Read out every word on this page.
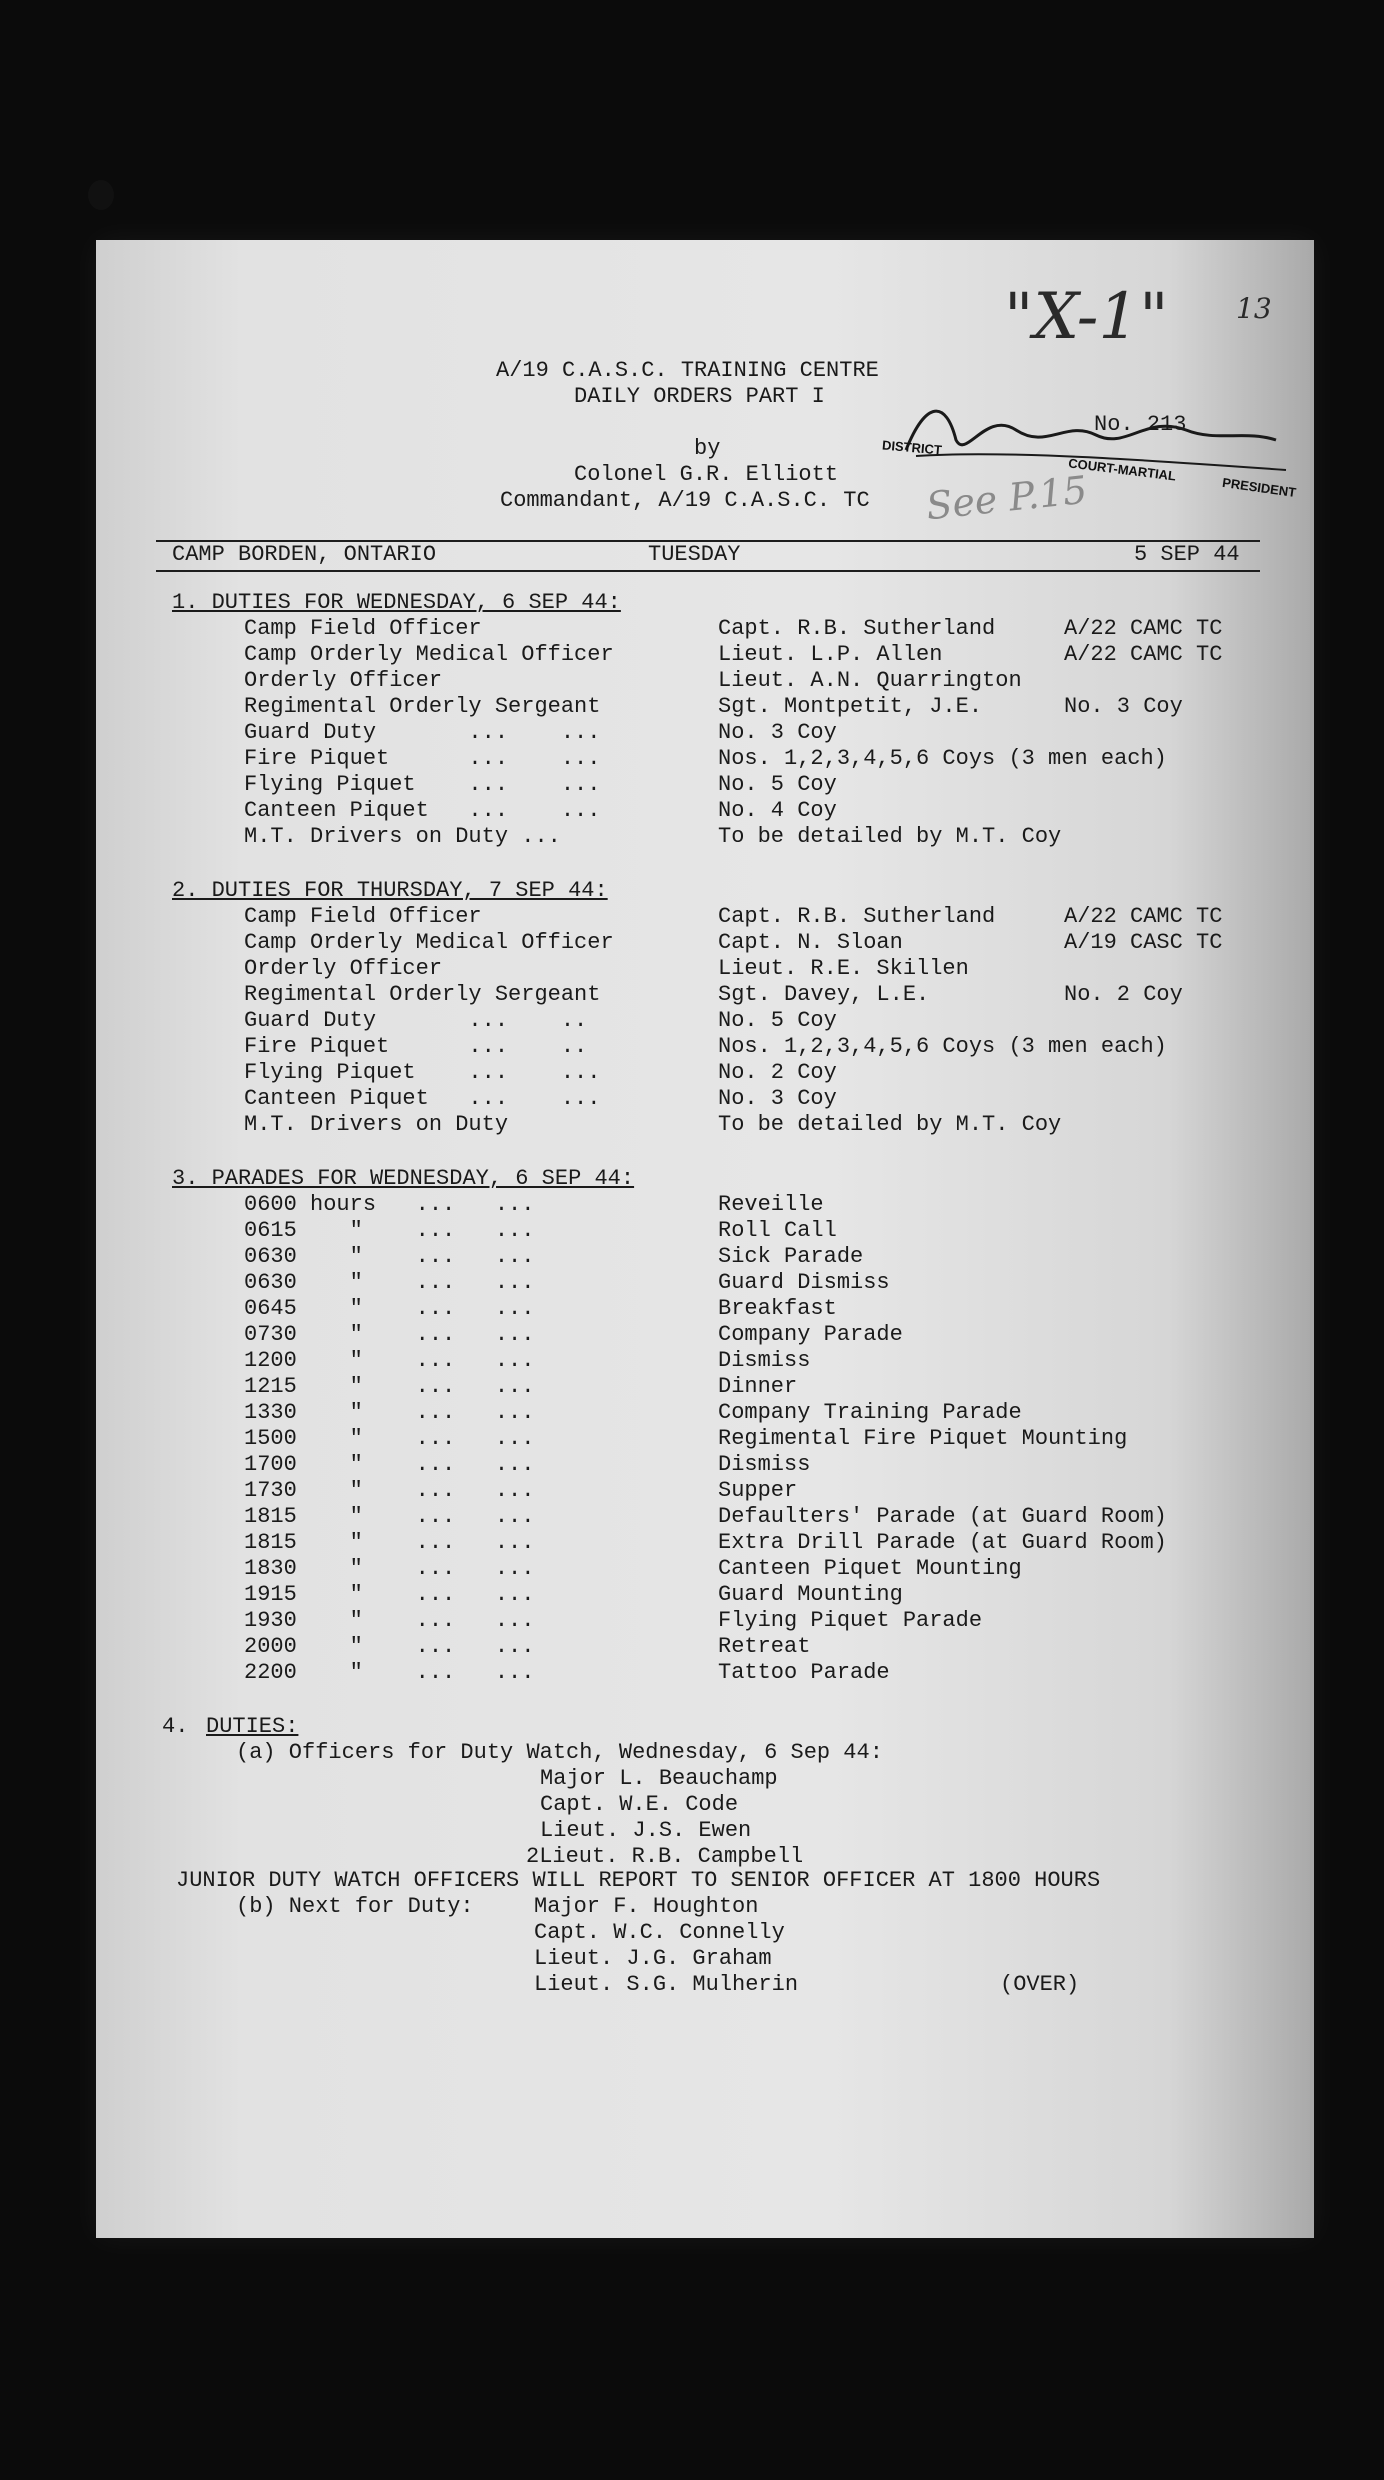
"X-1" 13
See P.15
A/19 C.A.S.C. TRAINING CENTRE
DAILY ORDERS PART I
by
Colonel G.R. Elliott
Commandant, A/19 C.A.S.C. TC
No. 213
DISTRICT
COURT-MARTIAL
PRESIDENT
CAMP BORDEN, ONTARIO	TUESDAY	5 SEP 44
1. DUTIES FOR WEDNESDAY, 6 SEP 44:
Camp Field Officer	Capt. R.B. Sutherland	A/22 CAMC TC
Camp Orderly Medical Officer	Lieut. L.P. Allen	A/22 CAMC TC
Orderly Officer	Lieut. A.N. Quarrington
Regimental Orderly Sergeant	Sgt. Montpetit, J.E.	No. 3 Coy
Guard Duty       ...    ...	No. 3 Coy
Fire Piquet      ...    ...	Nos. 1,2,3,4,5,6 Coys (3 men each)
Flying Piquet    ...    ...	No. 5 Coy
Canteen Piquet   ...    ...	No. 4 Coy
M.T. Drivers on Duty ...	To be detailed by M.T. Coy
2. DUTIES FOR THURSDAY, 7 SEP 44:
Camp Field Officer	Capt. R.B. Sutherland	A/22 CAMC TC
Camp Orderly Medical Officer	Capt. N. Sloan	A/19 CASC TC
Orderly Officer	Lieut. R.E. Skillen
Regimental Orderly Sergeant	Sgt. Davey, L.E.	No. 2 Coy
Guard Duty       ...    ..	No. 5 Coy
Fire Piquet      ...    ..	Nos. 1,2,3,4,5,6 Coys (3 men each)
Flying Piquet    ...    ...	No. 2 Coy
Canteen Piquet   ...    ...	No. 3 Coy
M.T. Drivers on Duty	To be detailed by M.T. Coy
3. PARADES FOR WEDNESDAY, 6 SEP 44:
0600 hours   ...   ...	Reveille
0615    "    ...   ...	Roll Call
0630    "    ...   ...	Sick Parade
0630    "    ...   ...	Guard Dismiss
0645    "    ...   ...	Breakfast
0730    "    ...   ...	Company Parade
1200    "    ...   ...	Dismiss
1215    "    ...   ...	Dinner
1330    "    ...   ...	Company Training Parade
1500    "    ...   ...	Regimental Fire Piquet Mounting
1700    "    ...   ...	Dismiss
1730    "    ...   ...	Supper
1815    "    ...   ...	Defaulters' Parade (at Guard Room)
1815    "    ...   ...	Extra Drill Parade (at Guard Room)
1830    "    ...   ...	Canteen Piquet Mounting
1915    "    ...   ...	Guard Mounting
1930    "    ...   ...	Flying Piquet Parade
2000    "    ...   ...	Retreat
2200    "    ...   ...	Tattoo Parade
4. DUTIES:
(a) Officers for Duty Watch, Wednesday, 6 Sep 44:
Major L. Beauchamp
Capt. W.E. Code
Lieut. J.S. Ewen
2Lieut. R.B. Campbell
JUNIOR DUTY WATCH OFFICERS WILL REPORT TO SENIOR OFFICER AT 1800 HOURS
(b) Next for Duty:	Major F. Houghton
Capt. W.C. Connelly
Lieut. J.G. Graham
Lieut. S.G. Mulherin	(OVER)
